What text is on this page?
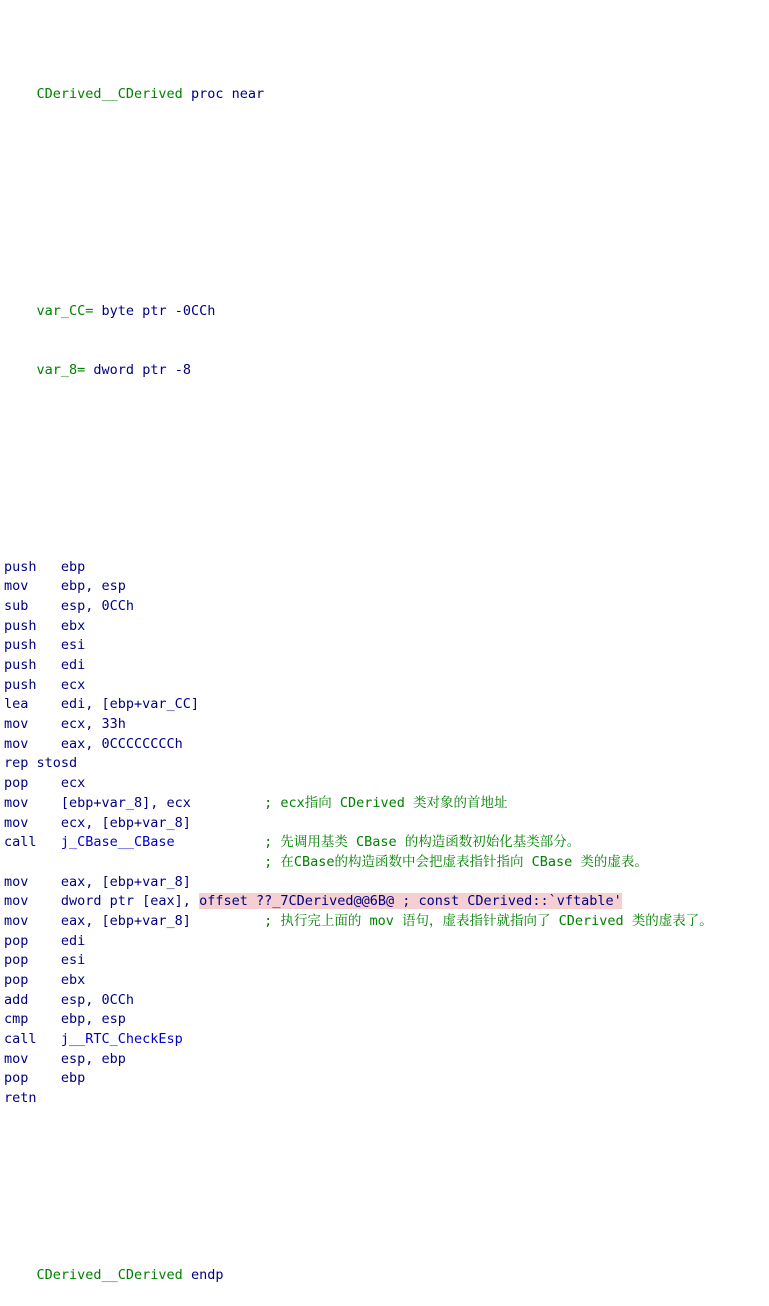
CDerived__CDerived proc near

var_CC= byte ptr -0CCh

var_8= dword ptr -8

push ebp
mov ebp, esp
sub esp, 0CCh
push ebx
push esi
push edi
push ecx
lea edi, [ebp+var_CC]
mov ecx, 33h
mov eax, 0CCCCCCCCh
rep stosd
pop ecx
mov [ebp+var_8], ecx	; ecx指向 CDerived 类对象的首地址
mov ecx, [ebp+var_8]
call j_CBase__CBase	; 先调用基类 CBase 的构造函数初始化基类部分。
; 在CBase的构造函数中会把虚表指针指向 CBase 类的虚表。
mov eax, [ebp+var_8]
mov dword ptr [eax], offset ??_7CDerived@@6B@ ; const CDerived::`vftable'
mov eax, [ebp+var_8]	; 执行完上面的 mov 语句，虚表指针就指向了 CDerived 类的虚表了。
pop edi
pop esi
pop ebx
add esp, 0CCh
cmp ebp, esp
call j__RTC_CheckEsp
mov esp, ebp
pop ebp
retn

CDerived__CDerived endp
